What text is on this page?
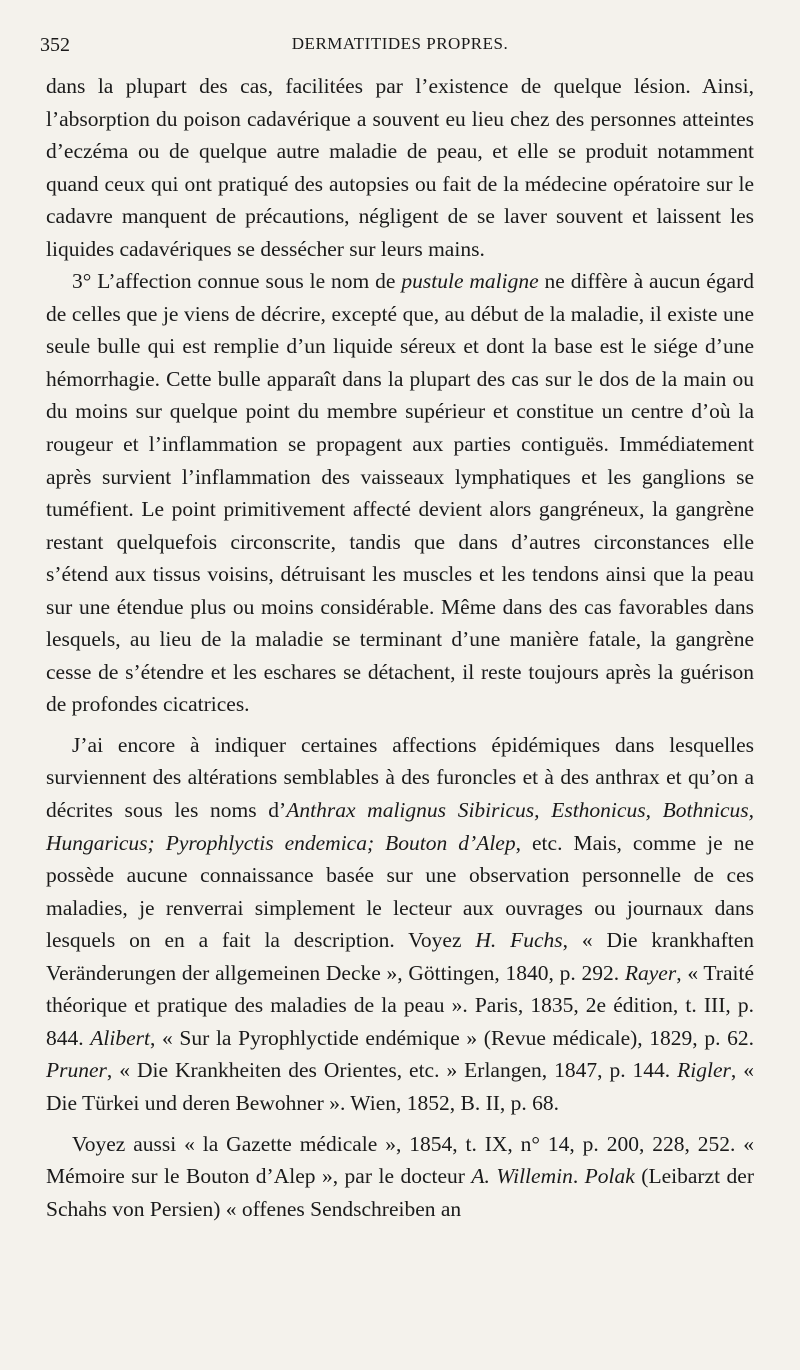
352	DERMATITIDES PROPRES.

dans la plupart des cas, facilitées par l’existence de quelque lésion. Ainsi, l’absorption du poison cadavérique a souvent eu lieu chez des personnes atteintes d’eczéma ou de quelque autre maladie de peau, et elle se produit notamment quand ceux qui ont pratiqué des autopsies ou fait de la médecine opératoire sur le cadavre manquent de précautions, négligent de se laver souvent et laissent les liquides cadavériques se dessécher sur leurs mains.

3° L’affection connue sous le nom de pustule maligne ne diffère à aucun égard de celles que je viens de décrire, excepté que, au début de la maladie, il existe une seule bulle qui est remplie d’un liquide séreux et dont la base est le siége d’une hémorrhagie. Cette bulle apparaît dans la plupart des cas sur le dos de la main ou du moins sur quelque point du membre supérieur et constitue un centre d’où la rougeur et l’inflammation se propagent aux parties contiguës. Immédiatement après survient l’inflammation des vaisseaux lymphatiques et les ganglions se tuméfient. Le point primitivement affecté devient alors gangréneux, la gangrène restant quelquefois circonscrite, tandis que dans d’autres circonstances elle s’étend aux tissus voisins, détruisant les muscles et les tendons ainsi que la peau sur une étendue plus ou moins considérable. Même dans des cas favorables dans lesquels, au lieu de la maladie se terminant d’une manière fatale, la gangrène cesse de s’étendre et les eschares se détachent, il reste toujours après la guérison de profondes cicatrices.

J’ai encore à indiquer certaines affections épidémiques dans lesquelles surviennent des altérations semblables à des furoncles et à des anthrax et qu’on a décrites sous les noms d’Anthrax malignus Sibiricus, Esthonicus, Bothnicus, Hungaricus; Pyrophlyctis endemica; Bouton d’Alep, etc. Mais, comme je ne possède aucune connaissance basée sur une observation personnelle de ces maladies, je renverrai simplement le lecteur aux ouvrages ou journaux dans lesquels on en a fait la description. Voyez H. Fuchs, « Die krankhaften Veränderungen der allgemeinen Decke », Göttingen, 1840, p. 292. Rayer, « Traité théorique et pratique des maladies de la peau ». Paris, 1835, 2e édition, t. III, p. 844. Alibert, « Sur la Pyrophlyctide endémique » (Revue médicale), 1829, p. 62. Pruner, « Die Krankheiten des Orientes, etc. » Erlangen, 1847, p. 144. Rigler, « Die Türkei und deren Bewohner ». Wien, 1852, B. II, p. 68.

Voyez aussi « la Gazette médicale », 1854, t. IX, n° 14, p. 200, 228, 252. « Mémoire sur le Bouton d’Alep », par le docteur A. Willemin. Polak (Leibarzt der Schahs von Persien) « offenes Sendschreiben an
